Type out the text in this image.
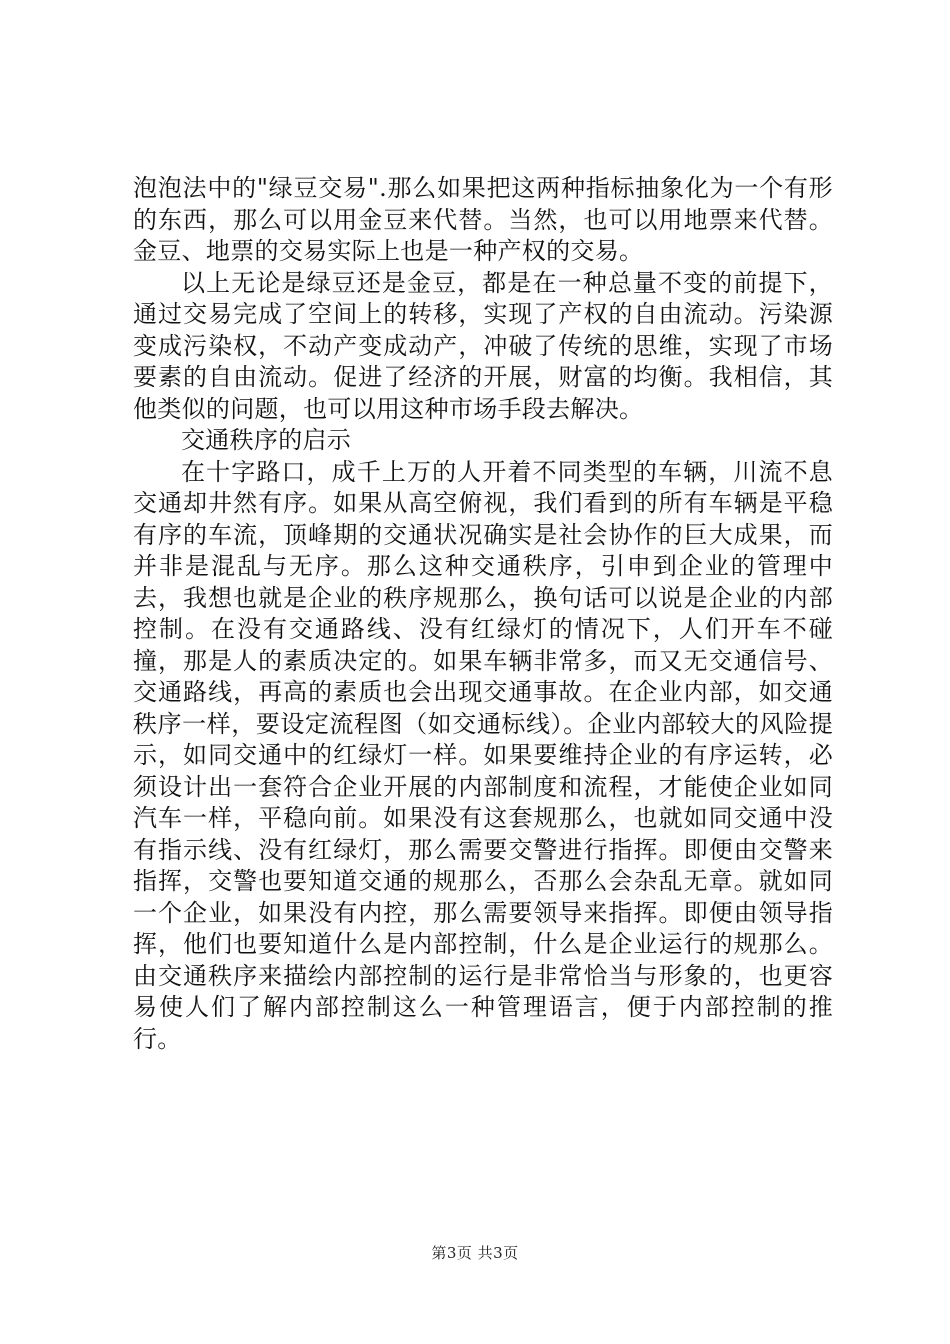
泡泡法中的"绿豆交易".那么如果把这两种指标抽象化为一个有形的东西，那么可以用金豆来代替。当然，也可以用地票来代替。金豆、地票的交易实际上也是一种产权的交易。

以上无论是绿豆还是金豆，都是在一种总量不变的前提下，通过交易完成了空间上的转移，实现了产权的自由流动。污染源变成污染权，不动产变成动产，冲破了传统的思维，实现了市场要素的自由流动。促进了经济的开展，财富的均衡。我相信，其他类似的问题，也可以用这种市场手段去解决。

交通秩序的启示

在十字路口，成千上万的人开着不同类型的车辆，川流不息交通却井然有序。如果从高空俯视，我们看到的所有车辆是平稳有序的车流，顶峰期的交通状况确实是社会协作的巨大成果，而并非是混乱与无序。那么这种交通秩序，引申到企业的管理中去，我想也就是企业的秩序规那么，换句话可以说是企业的内部控制。在没有交通路线、没有红绿灯的情况下，人们开车不碰撞，那是人的素质决定的。如果车辆非常多，而又无交通信号、交通路线，再高的素质也会出现交通事故。在企业内部，如交通秩序一样，要设定流程图（如交通标线）。企业内部较大的风险提示，如同交通中的红绿灯一样。如果要维持企业的有序运转，必须设计出一套符合企业开展的内部制度和流程，才能使企业如同汽车一样，平稳向前。如果没有这套规那么，也就如同交通中没有指示线、没有红绿灯，那么需要交警进行指挥。即便由交警来指挥，交警也要知道交通的规那么，否那么会杂乱无章。就如同一个企业，如果没有内控，那么需要领导来指挥。即便由领导指挥，他们也要知道什么是内部控制，什么是企业运行的规那么。由交通秩序来描绘内部控制的运行是非常恰当与形象的，也更容易使人们了解内部控制这么一种管理语言，便于内部控制的推行。

第3页 共3页
